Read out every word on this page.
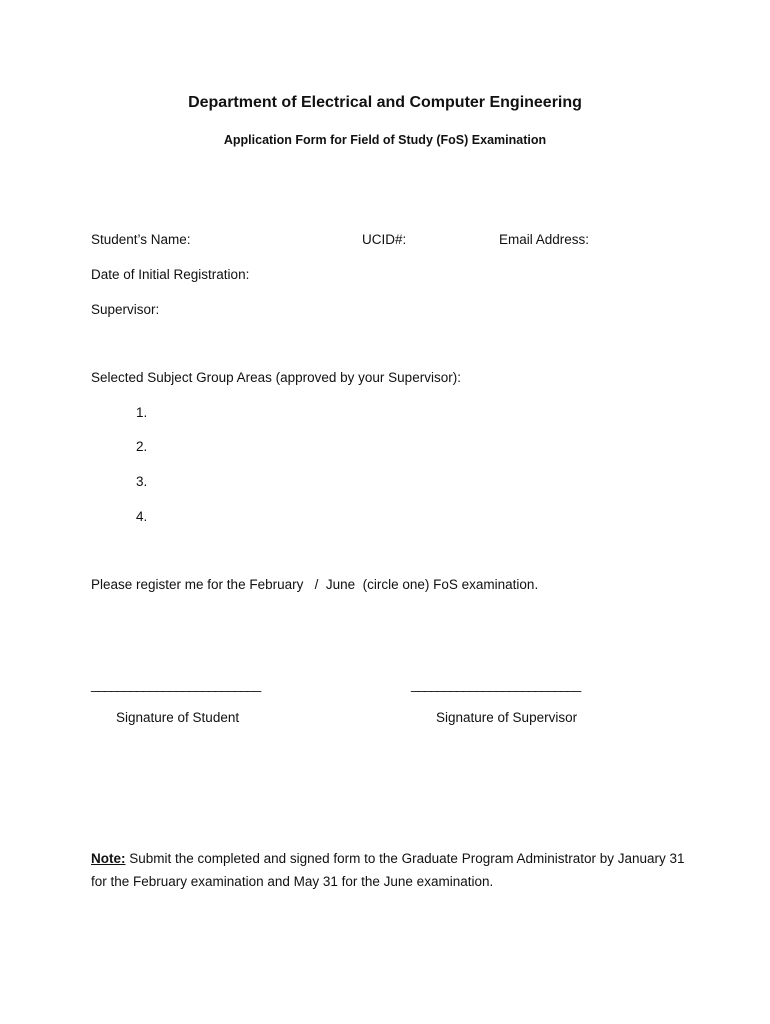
Department of Electrical and Computer Engineering
Application Form for Field of Study (FoS) Examination
Student’s Name:	UCID#:	Email Address:
Date of Initial Registration:
Supervisor:
Selected Subject Group Areas (approved by your Supervisor):
1.
2.
3.
4.
Please register me for the February   /  June  (circle one) FoS examination.
__________________________	__________________________
Signature of Student	Signature of Supervisor
Note: Submit the completed and signed form to the Graduate Program Administrator by January 31 for the February examination and May 31 for the June examination.
